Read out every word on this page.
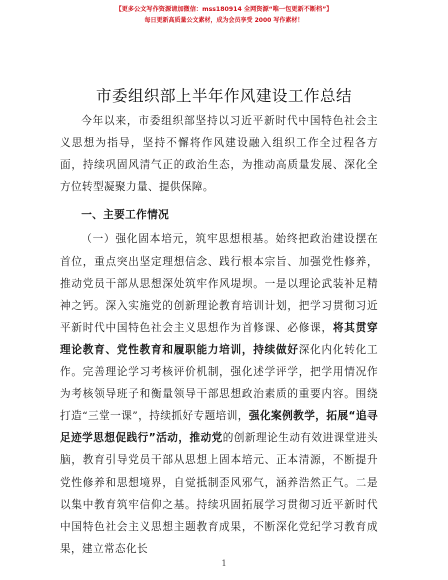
【更多公文写作资源请加微信：mss180914 全网资源“唯一包更新不断档”】
每日更新高质量公文素材，成为会员享受 2000 写作素材！
市委组织部上半年作风建设工作总结

今年以来，市委组织部坚持以习近平新时代中国特色社会主义思想为指导，坚持不懈将作风建设融入组织工作全过程各方面，持续巩固风清气正的政治生态，为推动高质量发展、深化全方位转型凝聚力量、提供保障。

一、主要工作情况

（一）强化固本培元，筑牢思想根基。始终把政治建设摆在首位，重点突出坚定理想信念、践行根本宗旨、加强党性修养，推动党员干部从思想深处筑牢作风堤坝。一是以理论武装补足精神之钙。深入实施党的创新理论教育培训计划，把学习贯彻习近平新时代中国特色社会主义思想作为首修课、必修课，将其贯穿理论教育、党性教育和履职能力培训，持续做好深化内化转化工作。完善理论学习考核评价机制，强化述学评学，把学用情况作为考核领导班子和衡量领导干部思想政治素质的重要内容。围绕打造“三堂一课”，持续抓好专题培训，强化案例教学，拓展“追寻足迹学思想促践行”活动，推动党的创新理论生动有效进课堂进头脑，教育引导党员干部从思想上固本培元、正本清源，不断提升党性修养和思想境界，自觉抵制歪风邪气，涵养浩然正气。二是以集中教育筑牢信仰之基。持续巩固拓展学习贯彻习近平新时代中国特色社会主义思想主题教育成果，不断深化党纪学习教育成果，建立常态化长

1
